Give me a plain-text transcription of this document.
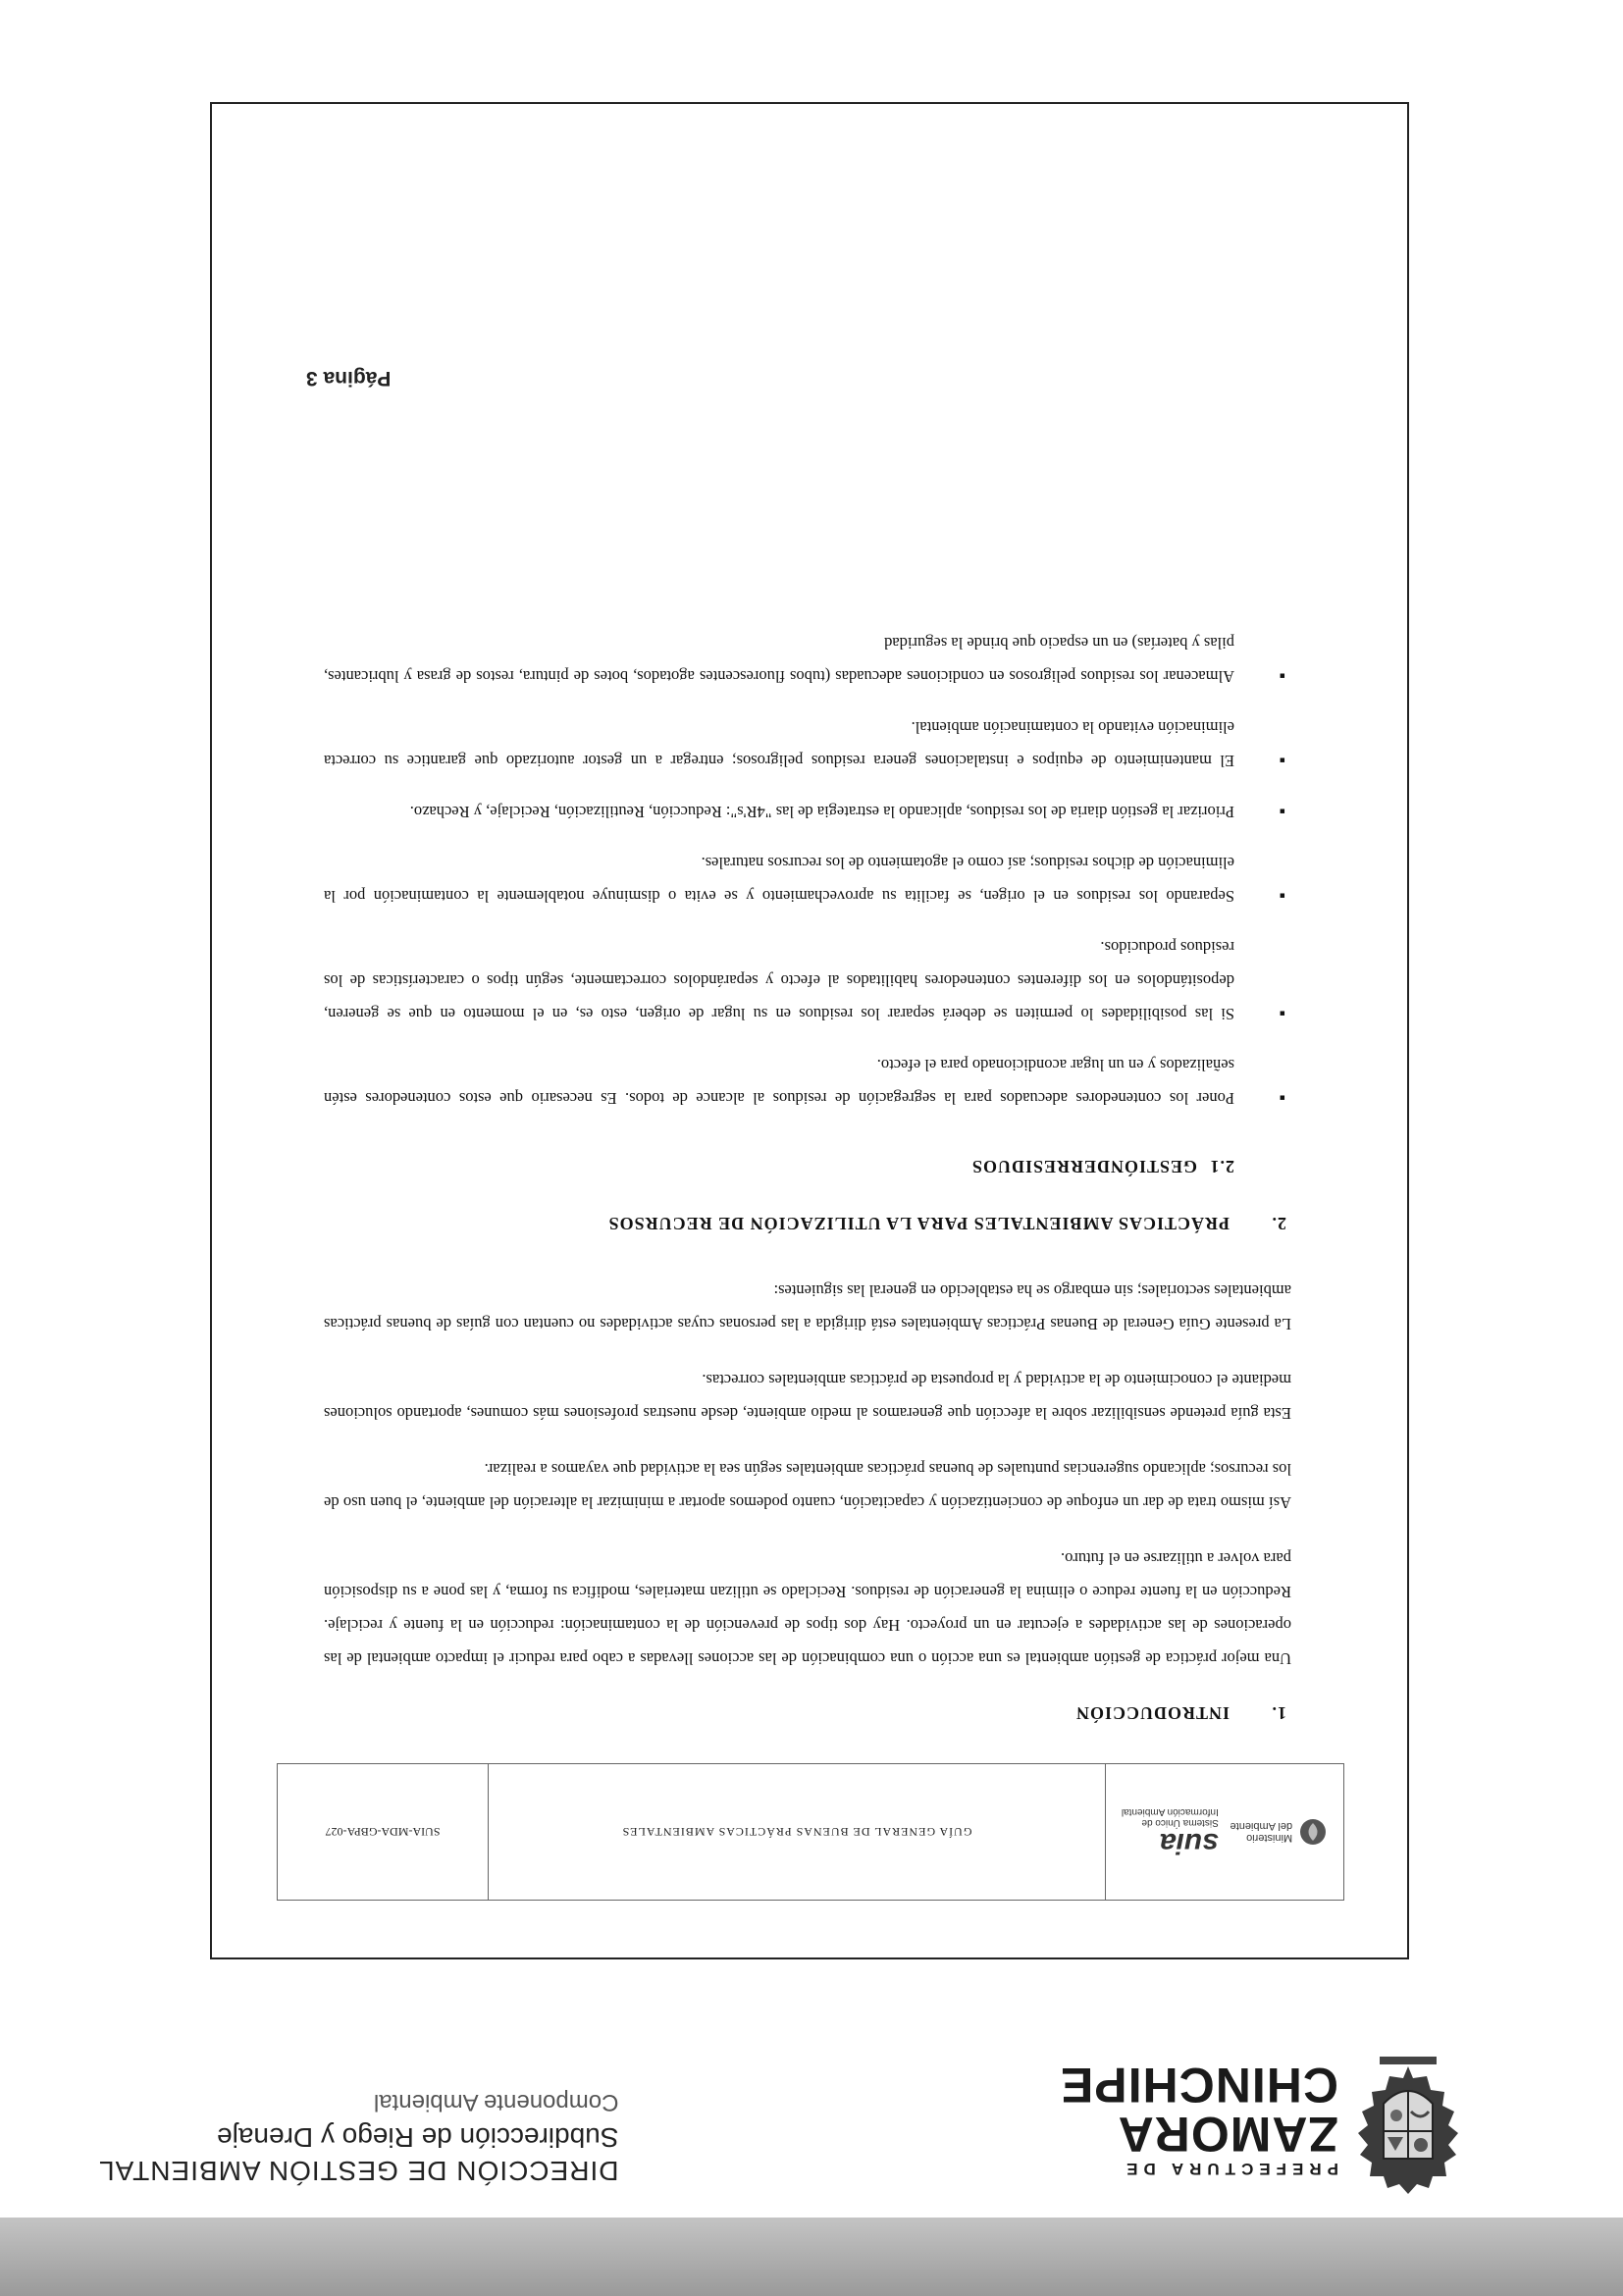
PREFECTURA DE
ZAMORA
CHINCHIPE
DIRECCIÓN DE GESTIÓN AMBIENTAL
Subdirección de Riego y Drenaje
Componente Ambiental
Ministerio
del Ambiente
suia
Sistema Único de
Información Ambiental
GUÍA GENERAL DE BUENAS PRÁCTICAS AMBIENTALES
SUIA-MDA-GBPA-027
1.INTRODUCCIÓN

Una mejor práctica de gestión ambiental es una acción o una combinación de las acciones llevadas a cabo para reducir el impacto ambiental de las operaciones de las actividades a ejecutar en un proyecto. Hay dos tipos de prevención de la contaminación: reducción en la fuente y reciclaje. Reducción en la fuente reduce o elimina la generación de residuos. Reciclado se utilizan materiales, modifica su forma, y las pone a su disposición para volver a utilizarse en el futuro.

Así mismo trata de dar un enfoque de concientización y capacitación, cuanto podemos aportar a minimizar la alteración del ambiente, el buen uso de los recursos; aplicando sugerencias puntuales de buenas prácticas ambientales según sea la actividad que vayamos a realizar.

Esta guía pretende sensibilizar sobre la afección que generamos al medio ambiente, desde nuestras profesiones más comunes, aportando soluciones mediante el conocimiento de la actividad y la propuesta de prácticas ambientales correctas.

La presente Guía General de Buenas Prácticas Ambientales está dirigida a las personas cuyas actividades no cuentan con guías de buenas prácticas ambientales sectoriales; sin embargo se ha establecido en general las siguientes:

2.PRÁCTICAS AMBIENTALES PARA LA UTILIZACIÓN DE RECURSOS
2.1GESTIÓNDERRESIDUOS
▪ Poner los contenedores adecuados para la segregación de residuos al alcance de todos. Es necesario que estos contenedores estén señalizados y en un lugar acondicionado para el efecto.
▪ Si las posibilidades lo permiten se deberá separar los residuos en su lugar de origen, esto es, en el momento en que se generen, depositándolos en los diferentes contenedores habilitados al efecto y separándolos correctamente, según tipos o características de los residuos producidos.
▪ Separando los residuos en el origen, se facilita su aprovechamiento y se evita o disminuye notablemente la contaminación por la eliminación de dichos residuos; así como el agotamiento de los recursos naturales.
▪ Priorizar la gestión diaria de los residuos, aplicando la estrategia de las "4R's": Reducción, Reutilización, Reciclaje, y Rechazo.
▪ El mantenimiento de equipos e instalaciones genera residuos peligrosos; entregar a un gestor autorizado que garantice su correcta eliminación evitando la contaminación ambiental.
▪ Almacenar los residuos peligrosos en condiciones adecuadas (tubos fluorescentes agotados, botes de pintura, restos de grasa y lubricantes, pilas y baterías) en un espacio que brinde la seguridad
Página 3
